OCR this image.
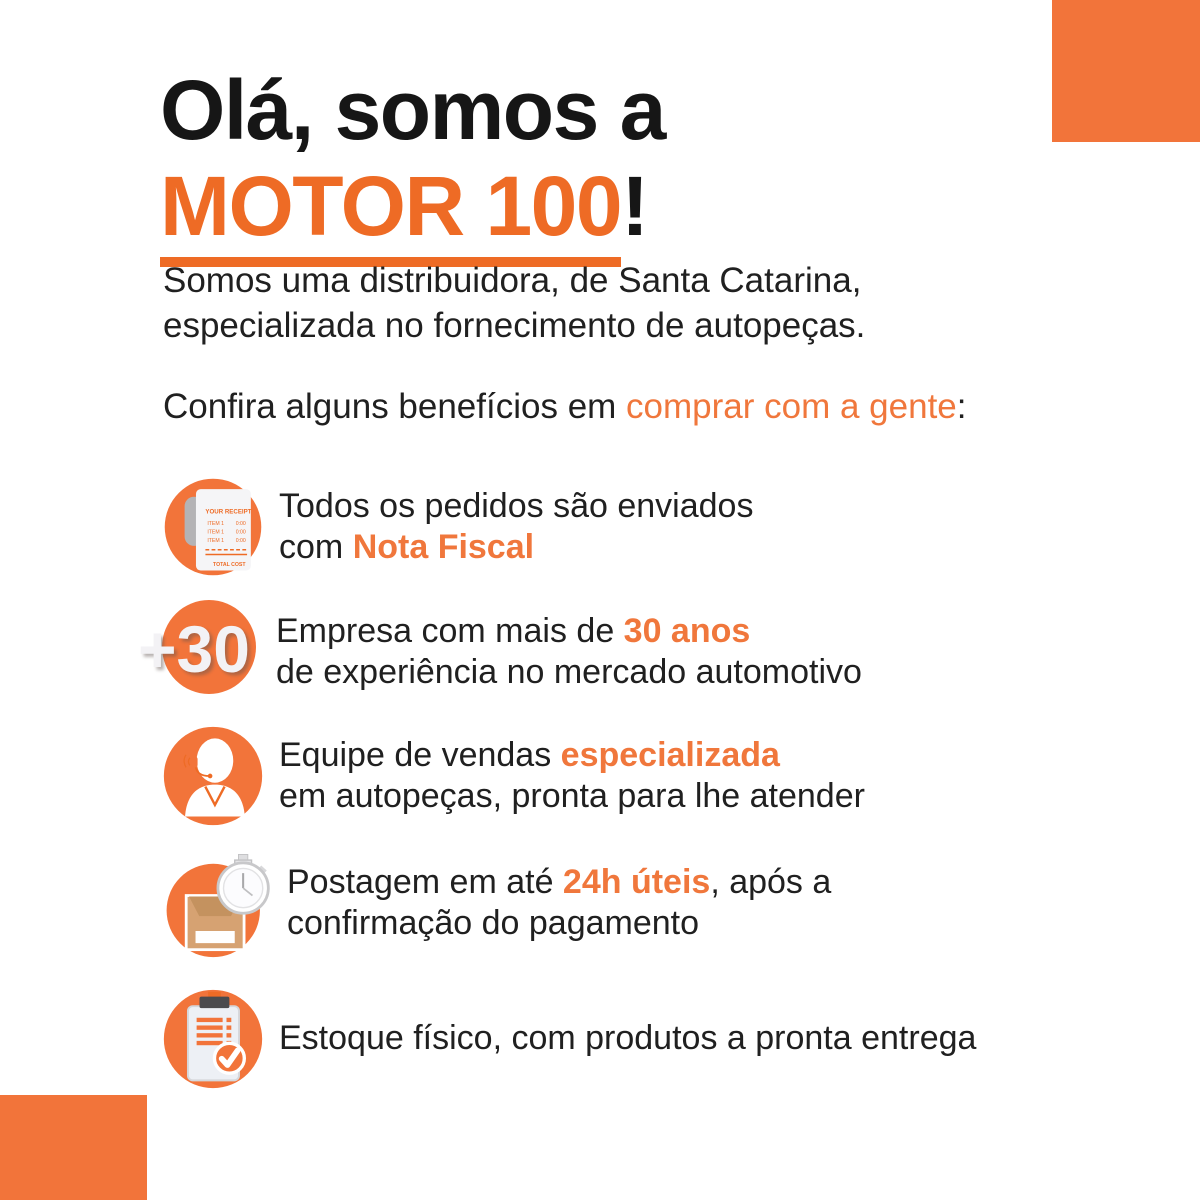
Olá, somos a
MOTOR 100!

Somos uma distribuidora, de Santa Catarina,
especializada no fornecimento de autopeças.

Confira alguns benefícios em comprar com a gente:

YOUR RECEIPT
ITEM 1 0:00
ITEM 1 0:00
ITEM 1 0:00
TOTAL COST
Todos os pedidos são enviados
com Nota Fiscal
+30 Empresa com mais de 30 anos
de experiência no mercado automotivo
Equipe de vendas especializada
em autopeças, pronta para lhe atender
Postagem em até 24h úteis, após a
confirmação do pagamento
Estoque físico, com produtos a pronta entrega
